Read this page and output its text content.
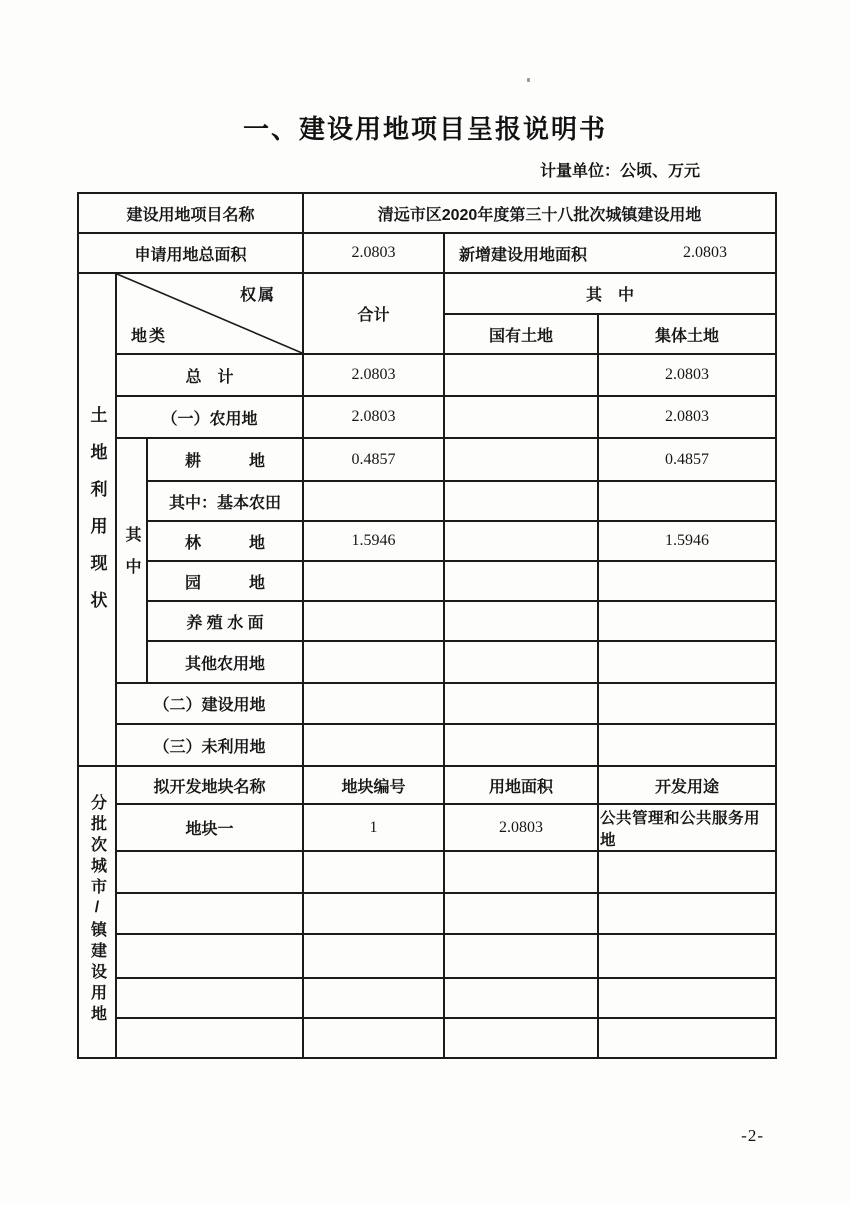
一、建设用地项目呈报说明书
计量单位：公顷、万元
建设用地项目名称			清远市区2020年度第三十八批次城镇建设用地		
申请用地总面积			2.0803	新增建设用地面积 2.0803	

土地利用现状	权属
地类		合计	其　中	
				国有土地	集体土地
	总　计		2.0803		2.0803
	（一）农用地		2.0803		2.0803
	其中	耕　　　地	0.4857		0.4857
		其中：基本农田			
		林　　　地	1.5946		1.5946
		园　　　地			
		养 殖 水 面			
		其他农用地			
	（二）建设用地				
	（三）未利用地				
分批次城市/镇建设用地	拟开发地块名称		地块编号	用地面积	开发用途
	地块一		1	2.0803	公共管理和公共服务用地

-2-
